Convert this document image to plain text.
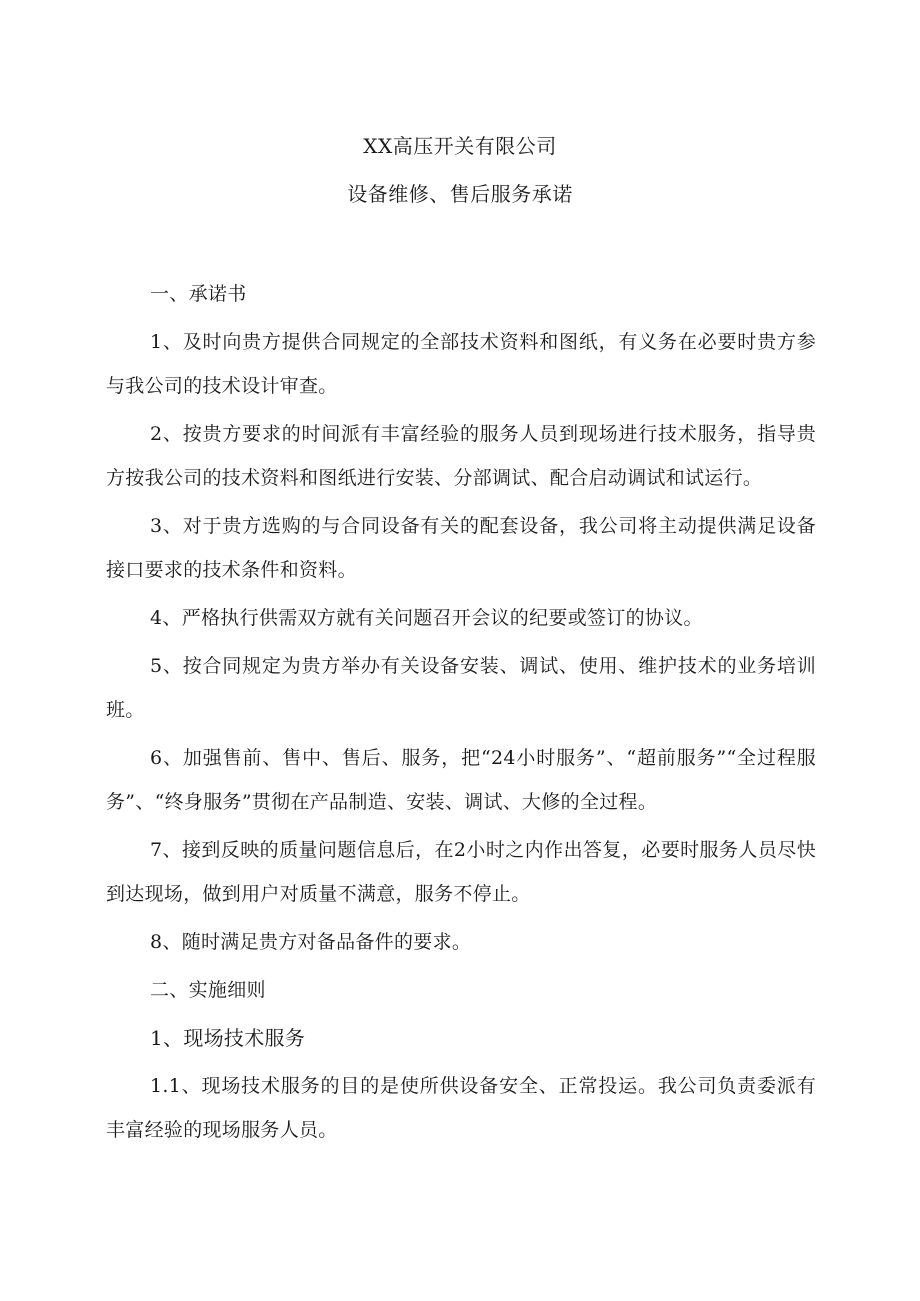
XX高压开关有限公司
设备维修、售后服务承诺

一、承诺书

1、及时向贵方提供合同规定的全部技术资料和图纸，有义务在必要时贵方参与我公司的技术设计审查。

2、按贵方要求的时间派有丰富经验的服务人员到现场进行技术服务，指导贵方按我公司的技术资料和图纸进行安装、分部调试、配合启动调试和试运行。

3、对于贵方选购的与合同设备有关的配套设备，我公司将主动提供满足设备接口要求的技术条件和资料。

4、严格执行供需双方就有关问题召开会议的纪要或签订的协议。

5、按合同规定为贵方举办有关设备安装、调试、使用、维护技术的业务培训班。

6、加强售前、售中、售后、服务，把“24小时服务”、“超前服务”“全过程服务”、“终身服务”贯彻在产品制造、安装、调试、大修的全过程。

7、接到反映的质量问题信息后，在2小时之内作出答复，必要时服务人员尽快到达现场，做到用户对质量不满意，服务不停止。

8、随时满足贵方对备品备件的要求。

二、实施细则

1、现场技术服务

1.1、现场技术服务的目的是使所供设备安全、正常投运。我公司负责委派有丰富经验的现场服务人员。
